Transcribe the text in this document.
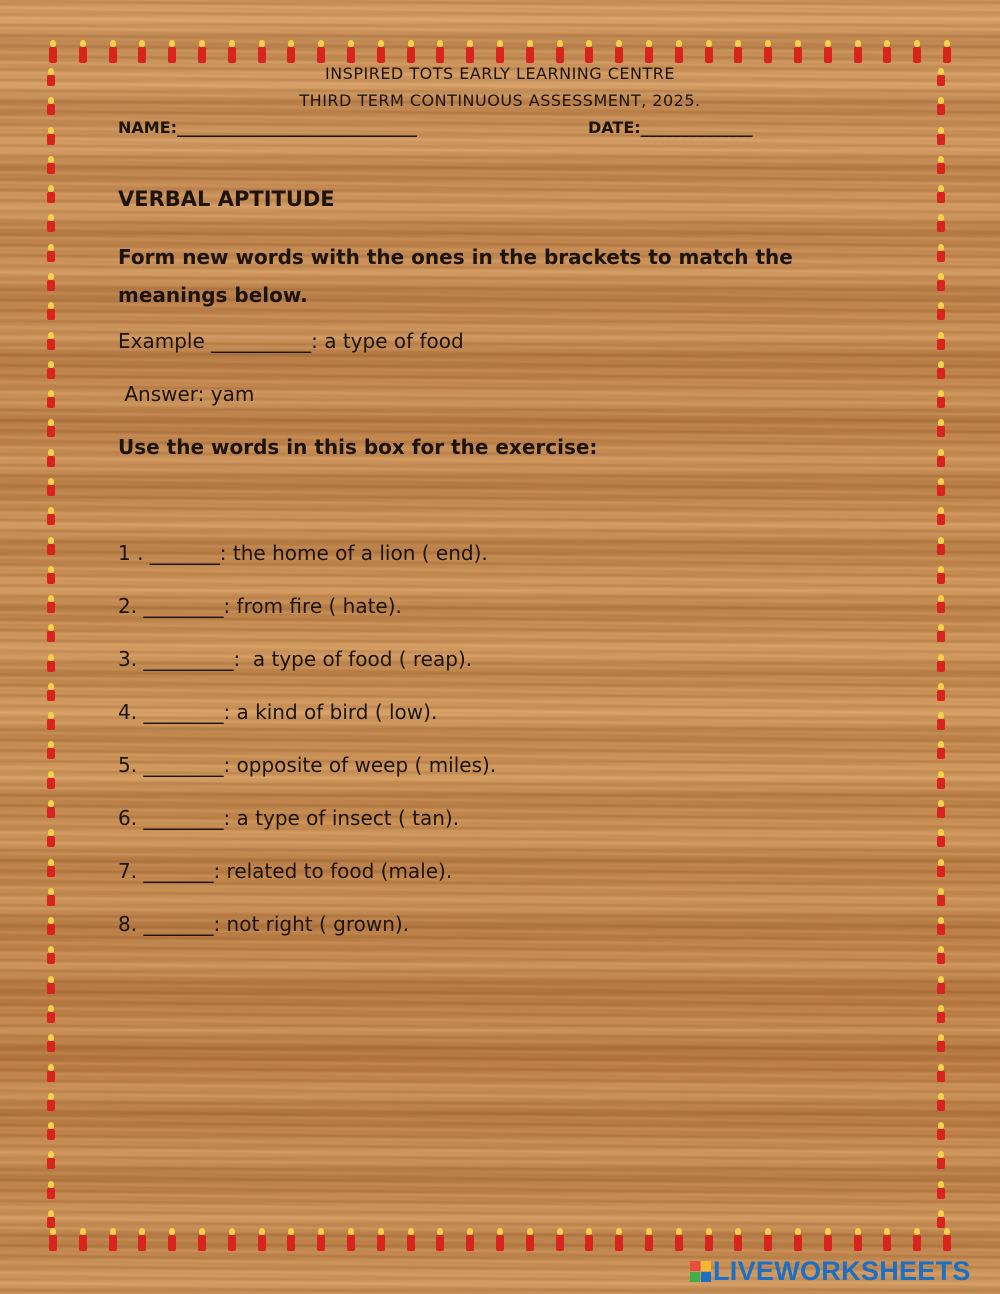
INSPIRED TOTS EARLY LEARNING CENTRE
THIRD TERM CONTINUOUS ASSESSMENT, 2025.
NAME:______________________________	DATE:______________
VERBAL APTITUDE
Form new words with the ones in the brackets to match the meanings below.
Example __________: a type of food
Answer: yam
Use the words in this box for the exercise:
1 . _______: the home of a lion ( end).
2. ________: from fire ( hate).
3. _________:  a type of food ( reap).
4. ________: a kind of bird ( low).
5. ________: opposite of weep ( miles).
6. ________: a type of insect ( tan).
7. _______: related to food (male).
8. _______: not right ( grown).
LIVEWORKSHEETS
